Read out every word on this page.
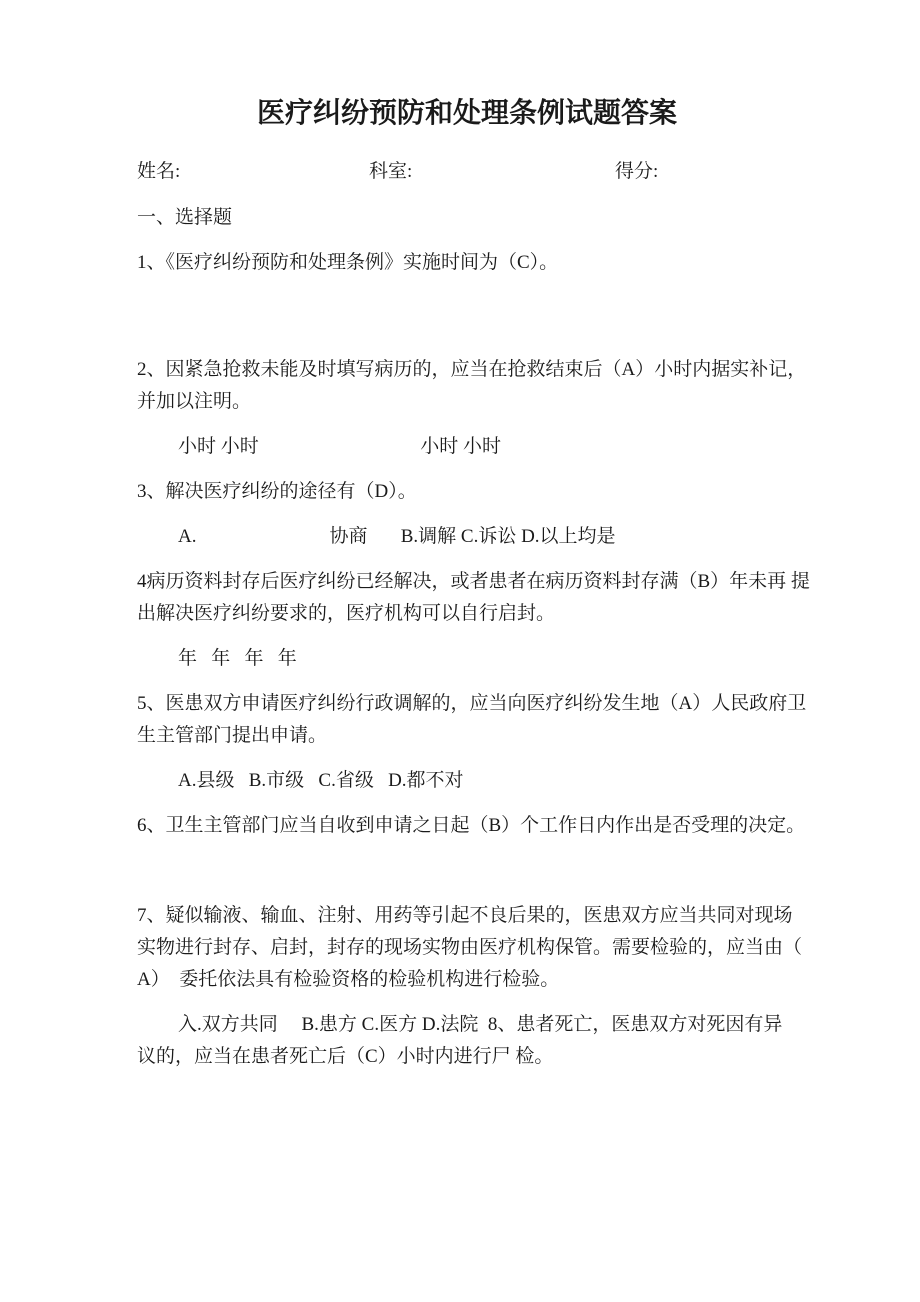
医疗纠纷预防和处理条例试题答案
姓名:	科室:	得分:
一、选择题
1、《医疗纠纷预防和处理条例》实施时间为（C）。
2、因紧急抢救未能及时填写病历的，应当在抢救结束后（A）小时内据实补记，
并加以注明。
小时 小时                                  小时 小时
3、解决医疗纠纷的途径有（D）。
A.                            协商       B.调解 C.诉讼 D.以上均是
4病历资料封存后医疗纠纷已经解决，或者患者在病历资料封存满（B）年未再 提
出解决医疗纠纷要求的，医疗机构可以自行启封。
年   年   年   年
5、医患双方申请医疗纠纷行政调解的，应当向医疗纠纷发生地（A）人民政府卫
生主管部门提出申请。
A.县级   B.市级   C.省级   D.都不对
6、卫生主管部门应当自收到申请之日起（B）个工作日内作出是否受理的决定。
7、疑似输液、输血、注射、用药等引起不良后果的，医患双方应当共同对现场
实物进行封存、启封，封存的现场实物由医疗机构保管。需要检验的，应当由（
A）  委托依法具有检验资格的检验机构进行检验。
入.双方共同     B.患方 C.医方 D.法院  8、患者死亡，医患双方对死因有异
议的，应当在患者死亡后（C）小时内进行尸 检。
